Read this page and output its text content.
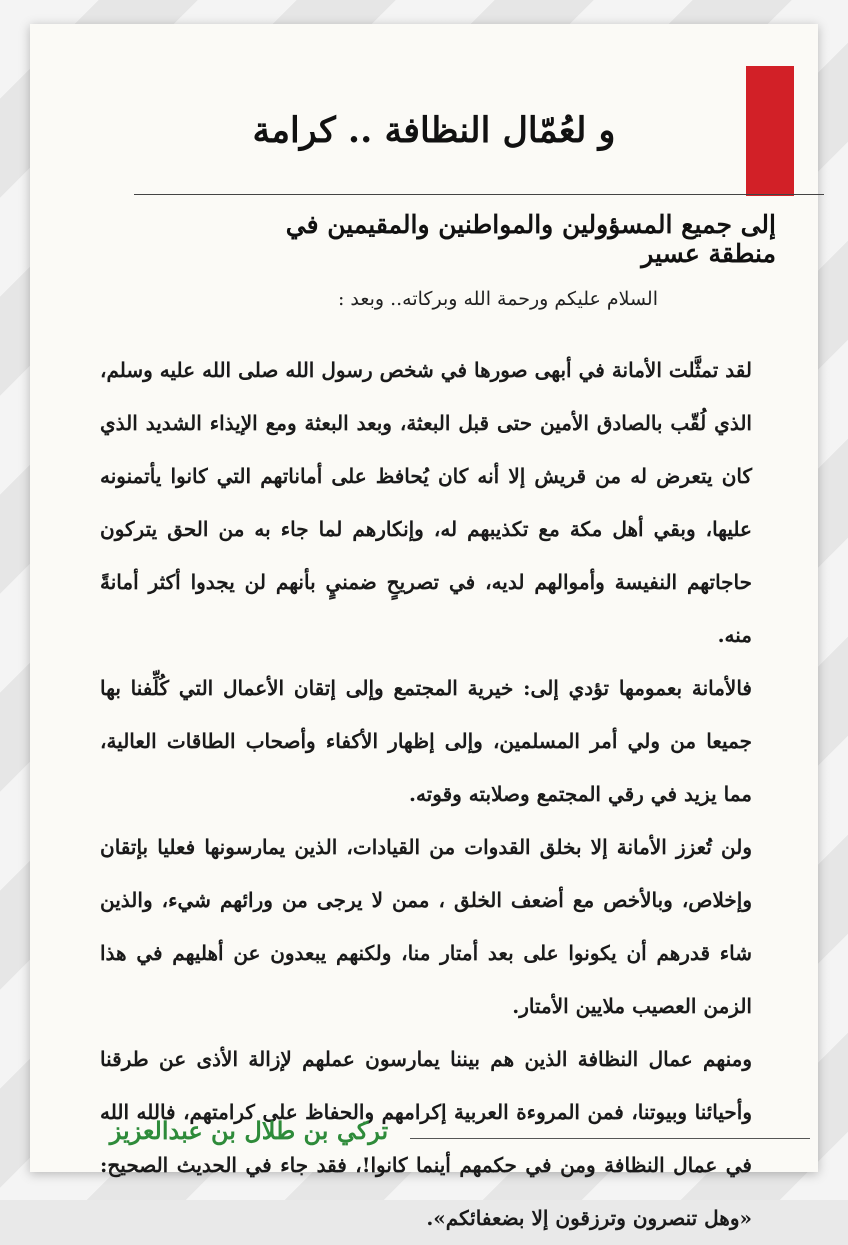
و لعُمّال النظافة .. كرامة
إلى جميع المسؤولين والمواطنين والمقيمين في منطقة عسير

السلام عليكم ورحمة الله وبركاته.. وبعد :

لقد تمثَّلت الأمانة في أبهى صورها في شخص رسول الله صلى الله عليه وسلم، الذي لُقّب بالصادق الأمين حتى قبل البعثة، وبعد البعثة ومع الإيذاء الشديد الذي كان يتعرض له من قريش إلا أنه كان يُحافظ على أماناتهم التي كانوا يأتمنونه عليها، وبقي أهل مكة مع تكذيبهم له، وإنكارهم لما جاء به من الحق يتركون حاجاتهم النفيسة وأموالهم لديه، في تصريحٍ ضمنيٍ بأنهم لن يجدوا أكثر أمانةً منه.

فالأمانة بعمومها تؤدي إلى: خيرية المجتمع وإلى إتقان الأعمال التي كُلِّفنا بها جميعا من ولي أمر المسلمين، وإلى إظهار الأكفاء وأصحاب الطاقات العالية، مما يزيد في رقي المجتمع وصلابته وقوته.

ولن تُعزز الأمانة إلا بخلق القدوات من القيادات، الذين يمارسونها فعليا بإتقان وإخلاص، وبالأخص مع أضعف الخلق ، ممن لا يرجى من ورائهم شيء، والذين شاء قدرهم أن يكونوا على بعد أمتار منا، ولكنهم يبعدون عن أهليهم في هذا الزمن العصيب ملايين الأمتار.

ومنهم عمال النظافة الذين هم بيننا يمارسون عملهم لإزالة الأذى عن طرقنا وأحيائنا وبيوتنا، فمن المروءة العربية إكرامهم والحفاظ على كرامتهم، فالله الله في عمال النظافة ومن في حكمهم أينما كانوا!، فقد جاء في الحديث الصحيح: «وهل تنصرون وترزقون إلا بضعفائكم».

تركي بن طلال بن عبدالعزيز
